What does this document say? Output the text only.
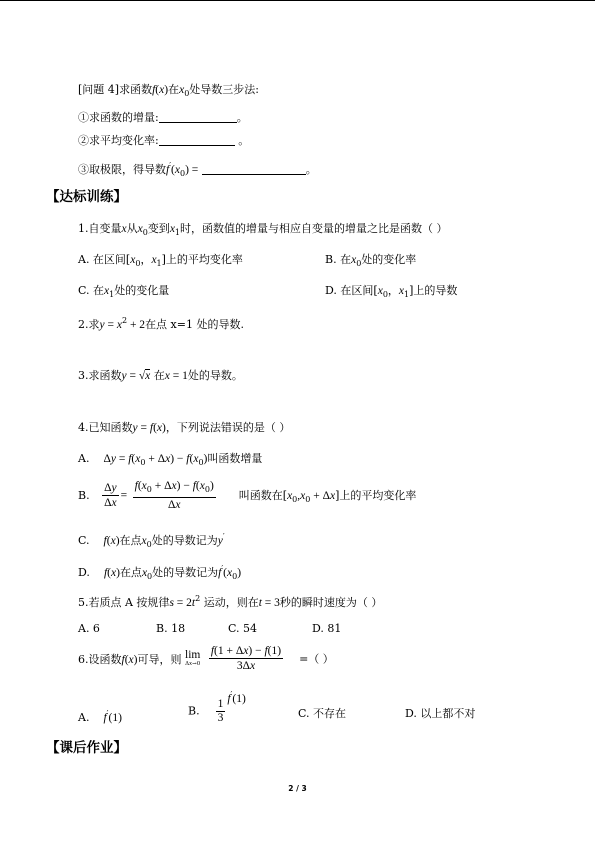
[问题 4]求函数f(x)在$x_0$处导数三步法:
①求函数的增量:	。
②求平均变化率:	。
③取极限，得导数$f'(x_0)$ =	。
【达标训练】
1.自变量x从$x_0$变到$x_1$时，函数值的增量与相应自变量的增量之比是函数（ ）
A. 在区间[$x_0$，$x_1$]上的平均变化率	B. 在$x_0$处的变化率
C. 在$x_1$处的变化量	D. 在区间[$x_0$，$x_1$]上的导数
2.求$y = x^2 + 2$在点 x=1 处的导数.
3.求函数y = √x 在x = 1处的导数。
4.已知函数y = f(x)，下列说法错误的是（ ）
A. $\Delta y = f(x_0 + \Delta x) - f(x_0)$叫函数增量
B. $\frac{\Delta y}{\Delta x} = \frac{f(x_0 + \Delta x) - f(x_0)}{\Delta x}$ 叫函数在$[x_0,x_0 + \Delta x]$上的平均变化率
C. f(x)在点$x_0$处的导数记为y′
D. f(x)在点$x_0$处的导数记为$f'(x_0)$
5.若质点 A 按规律$s = 2t^2$ 运动，则在t = 3秒的瞬时速度为（ ）
A. 6	B. 18	C. 54	D. 81
6.设函数f(x)可导，则 lim
Δx→0
$\frac{f(1 + \Delta x) - f(1)}{3\Delta x}$ =（ ）
A. f′(1)
B. $\frac{1}{3} f'(1)$
C. 不存在	D. 以上都不对
【课后作业】
2 / 3
